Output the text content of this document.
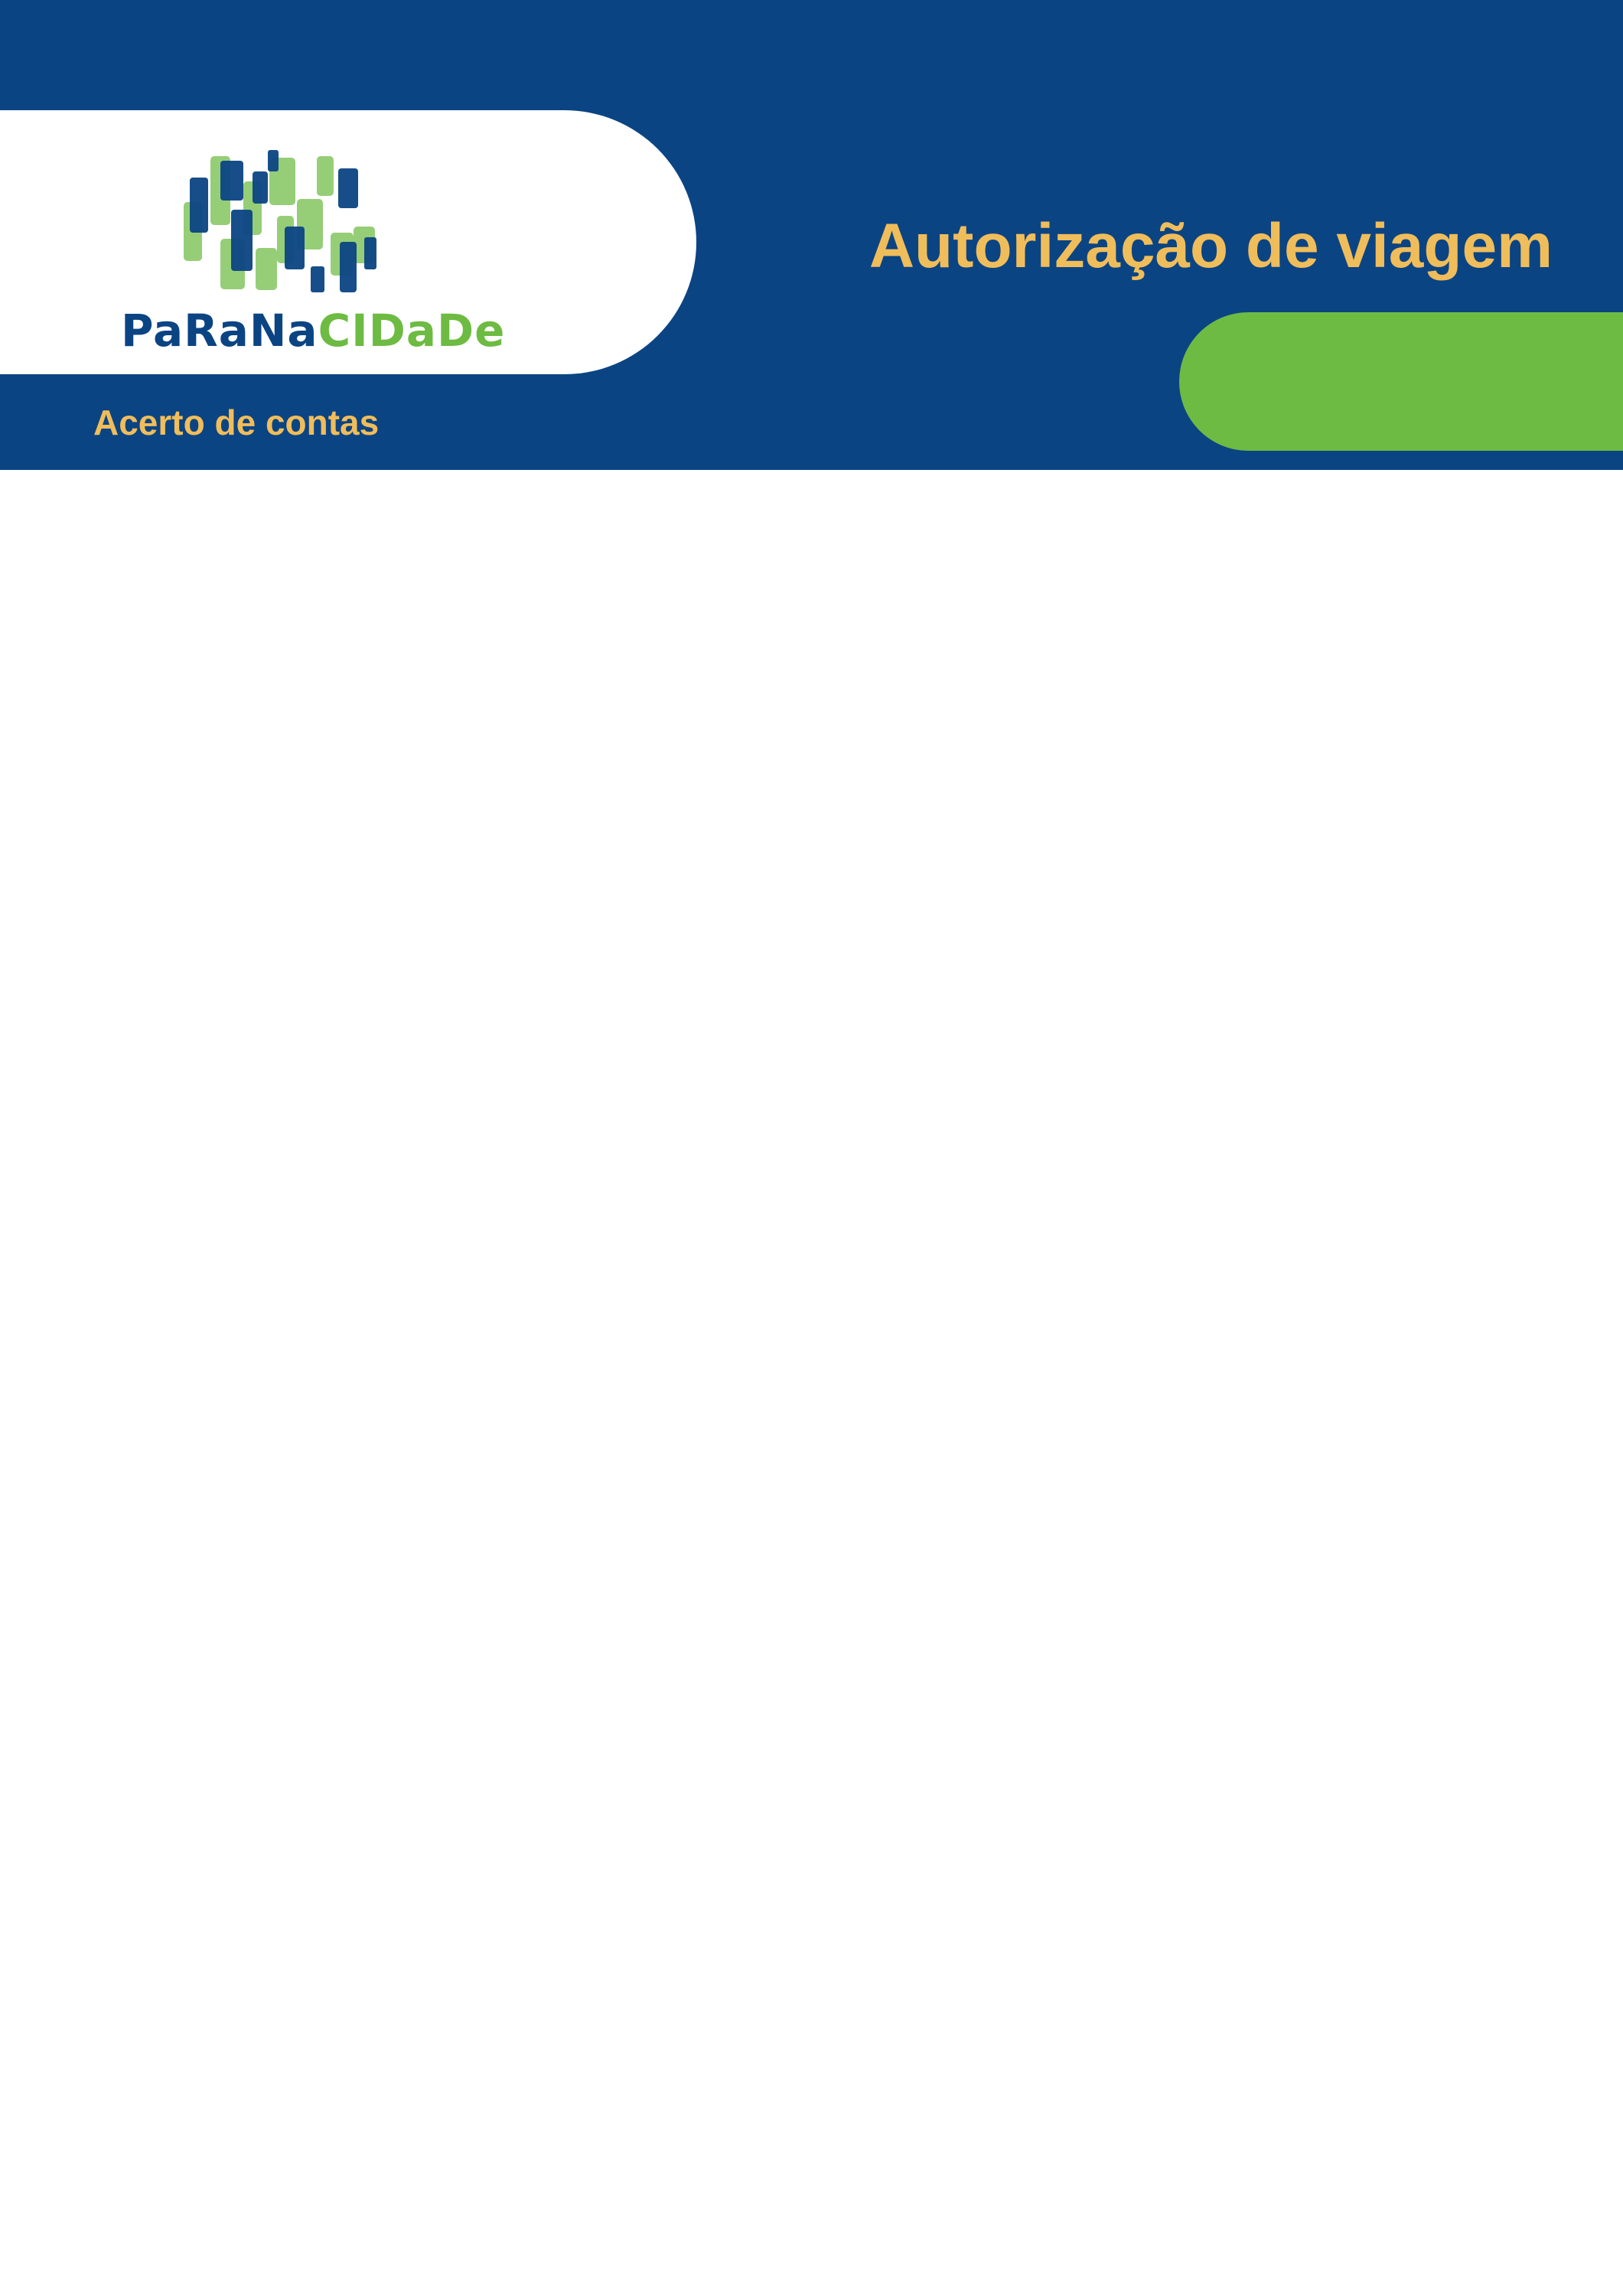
PaRaNaCIDaDe
Autorização de viagem

Acerto de contas
